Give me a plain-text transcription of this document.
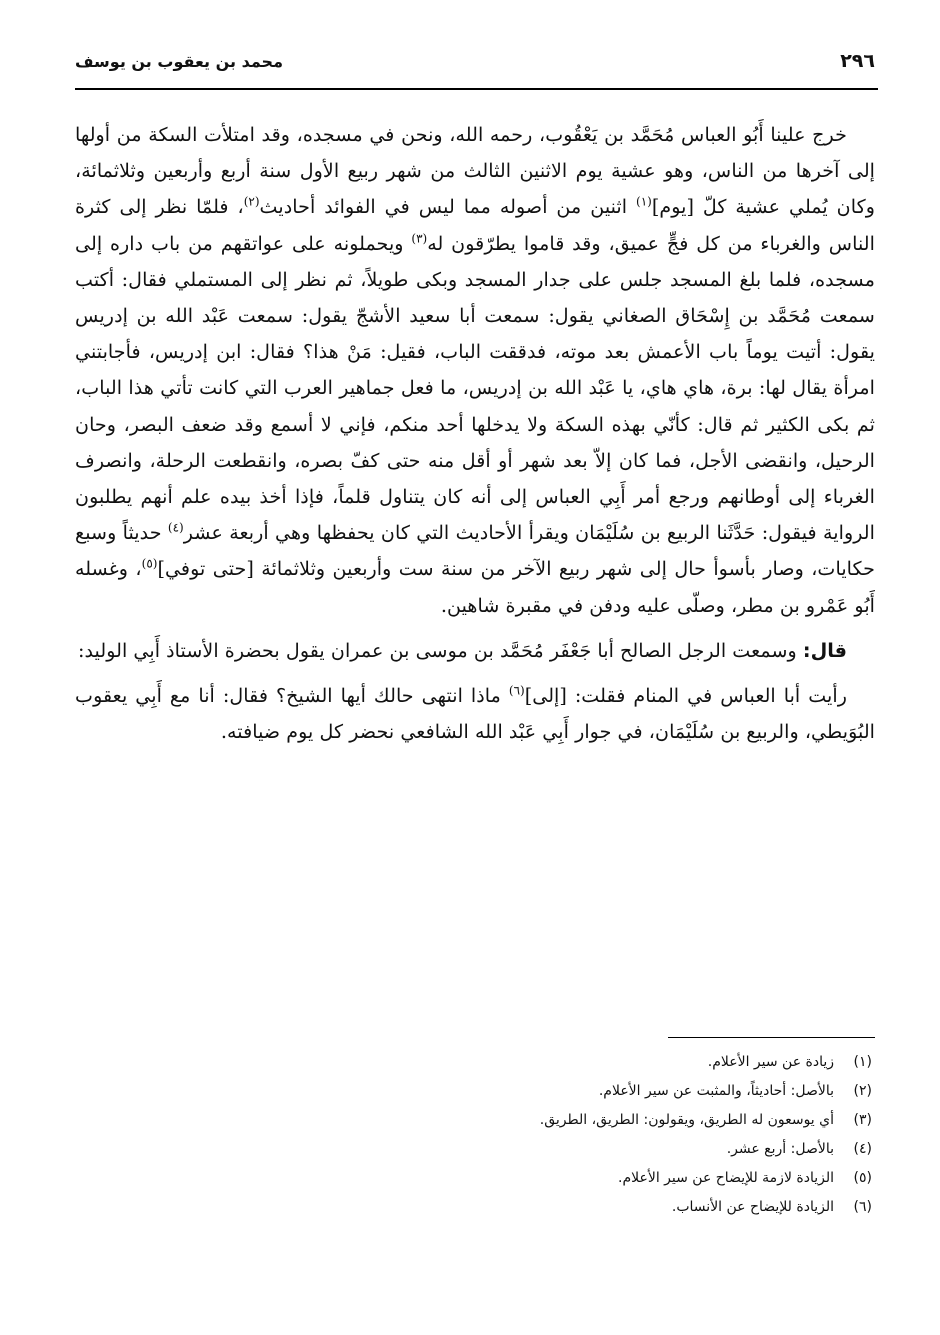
٢٩٦
محمد بن يعقوب بن يوسف

خرج علينا أَبُو العباس مُحَمَّد بن يَعْقُوب، رحمه الله، ونحن في مسجده، وقد امتلأت السكة من أولها إلى آخرها من الناس، وهو عشية يوم الاثنين الثالث من شهر ربيع الأول سنة أربع وأربعين وثلاثمائة، وكان يُملي عشية كلّ [يوم]$^{(١)}$ اثنين من أصوله مما ليس في الفوائد أحاديث$^{(٢)}$، فلمّا نظر إلى كثرة الناس والغرباء من كل فجٍّ عميق، وقد قاموا يطرّقون له$^{(٣)}$ ويحملونه على عواتقهم من باب داره إلى مسجده، فلما بلغ المسجد جلس على جدار المسجد وبكى طويلاً، ثم نظر إلى المستملي فقال: أكتب سمعت مُحَمَّد بن إِسْحَاق الصغاني يقول: سمعت أبا سعيد الأشجّ يقول: سمعت عَبْد الله بن إدريس يقول: أتيت يوماً باب الأعمش بعد موته، فدققت الباب، فقيل: مَنْ هذا؟ فقال: ابن إدريس، فأجابتني امرأة يقال لها: برة، هاي هاي، يا عَبْد الله بن إدريس، ما فعل جماهير العرب التي كانت تأتي هذا الباب، ثم بكى الكثير ثم قال: كأنّي بهذه السكة ولا يدخلها أحد منكم، فإني لا أسمع وقد ضعف البصر، وحان الرحيل، وانقضى الأجل، فما كان إلاّ بعد شهر أو أقل منه حتى كفّ بصره، وانقطعت الرحلة، وانصرف الغرباء إلى أوطانهم ورجع أمر أَبِي العباس إلى أنه كان يتناول قلماً، فإذا أخذ بيده علم أنهم يطلبون الرواية فيقول: حَدَّثَنا الربيع بن سُلَيْمَان ويقرأ الأحاديث التي كان يحفظها وهي أربعة عشر$^{(٤)}$ حديثاً وسبع حكايات، وصار بأسوأ حال إلى شهر ربيع الآخر من سنة ست وأربعين وثلاثمائة [حتى توفي]$^{(٥)}$، وغسله أَبُو عَمْرو بن مطر، وصلّى عليه ودفن في مقبرة شاهين.

قال: وسمعت الرجل الصالح أبا جَعْفَر مُحَمَّد بن موسى بن عمران يقول بحضرة الأستاذ أَبِي الوليد:

رأيت أبا العباس في المنام فقلت: [إلى]$^{(٦)}$ ماذا انتهى حالك أيها الشيخ؟ فقال: أنا مع أَبِي يعقوب البُوَيطي، والربيع بن سُلَيْمَان، في جوار أَبِي عَبْد الله الشافعي نحضر كل يوم ضيافته.

(١)زيادة عن سير الأعلام.
(٢)بالأصل: أحاديثاً، والمثبت عن سير الأعلام.
(٣)أي يوسعون له الطريق، ويقولون: الطريق، الطريق.
(٤)بالأصل: أربع عشر.
(٥)الزيادة لازمة للإيضاح عن سير الأعلام.
(٦)الزيادة للإيضاح عن الأنساب.
